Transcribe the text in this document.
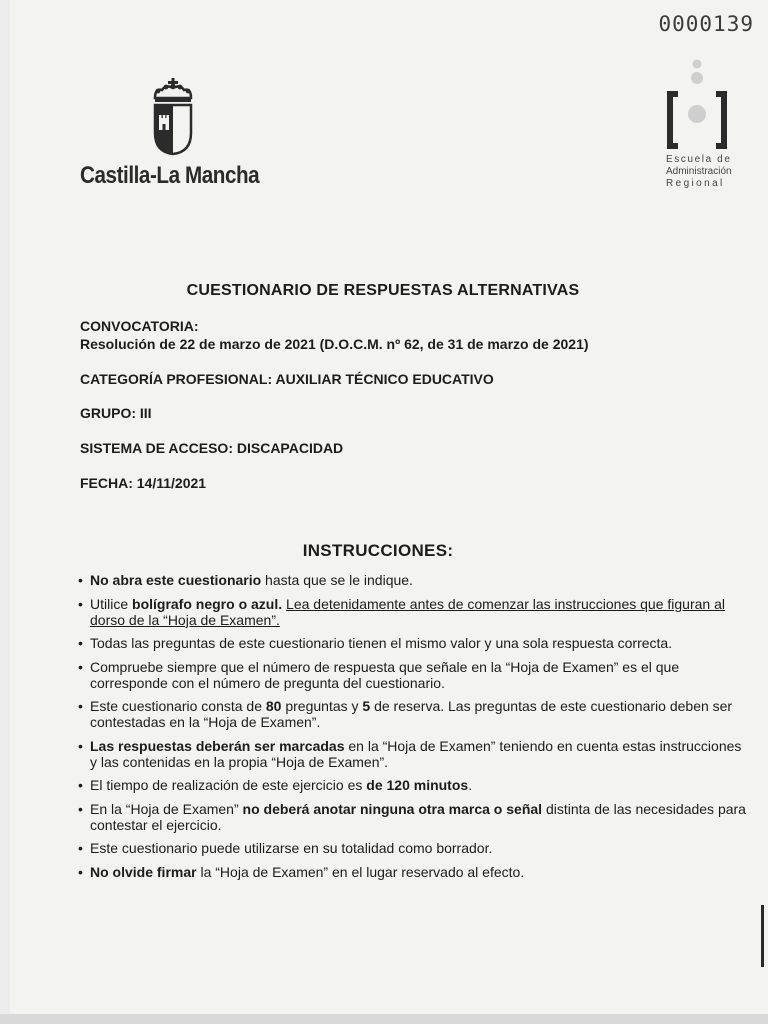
0000139
Castilla-La Mancha
Escuela de
Administración
Regional
CUESTIONARIO DE RESPUESTAS ALTERNATIVAS
CONVOCATORIA:
Resolución de 22 de marzo de 2021 (D.O.C.M. nº 62, de 31 de marzo de 2021)
CATEGORÍA PROFESIONAL: AUXILIAR TÉCNICO EDUCATIVO
GRUPO: III
SISTEMA DE ACCESO: DISCAPACIDAD
FECHA: 14/11/2021
INSTRUCCIONES:
• No abra este cuestionario hasta que se le indique.
• Utilice bolígrafo negro o azul. Lea detenidamente antes de comenzar las instrucciones que figuran al dorso de la “Hoja de Examen”.
• Todas las preguntas de este cuestionario tienen el mismo valor y una sola respuesta correcta.
• Compruebe siempre que el número de respuesta que señale en la “Hoja de Examen” es el que corresponde con el número de pregunta del cuestionario.
• Este cuestionario consta de 80 preguntas y 5 de reserva. Las preguntas de este cuestionario deben ser contestadas en la “Hoja de Examen”.
• Las respuestas deberán ser marcadas en la “Hoja de Examen” teniendo en cuenta estas instrucciones y las contenidas en la propia “Hoja de Examen”.
• El tiempo de realización de este ejercicio es de 120 minutos.
• En la “Hoja de Examen” no deberá anotar ninguna otra marca o señal distinta de las necesidades para contestar el ejercicio.
• Este cuestionario puede utilizarse en su totalidad como borrador.
• No olvide firmar la “Hoja de Examen” en el lugar reservado al efecto.
